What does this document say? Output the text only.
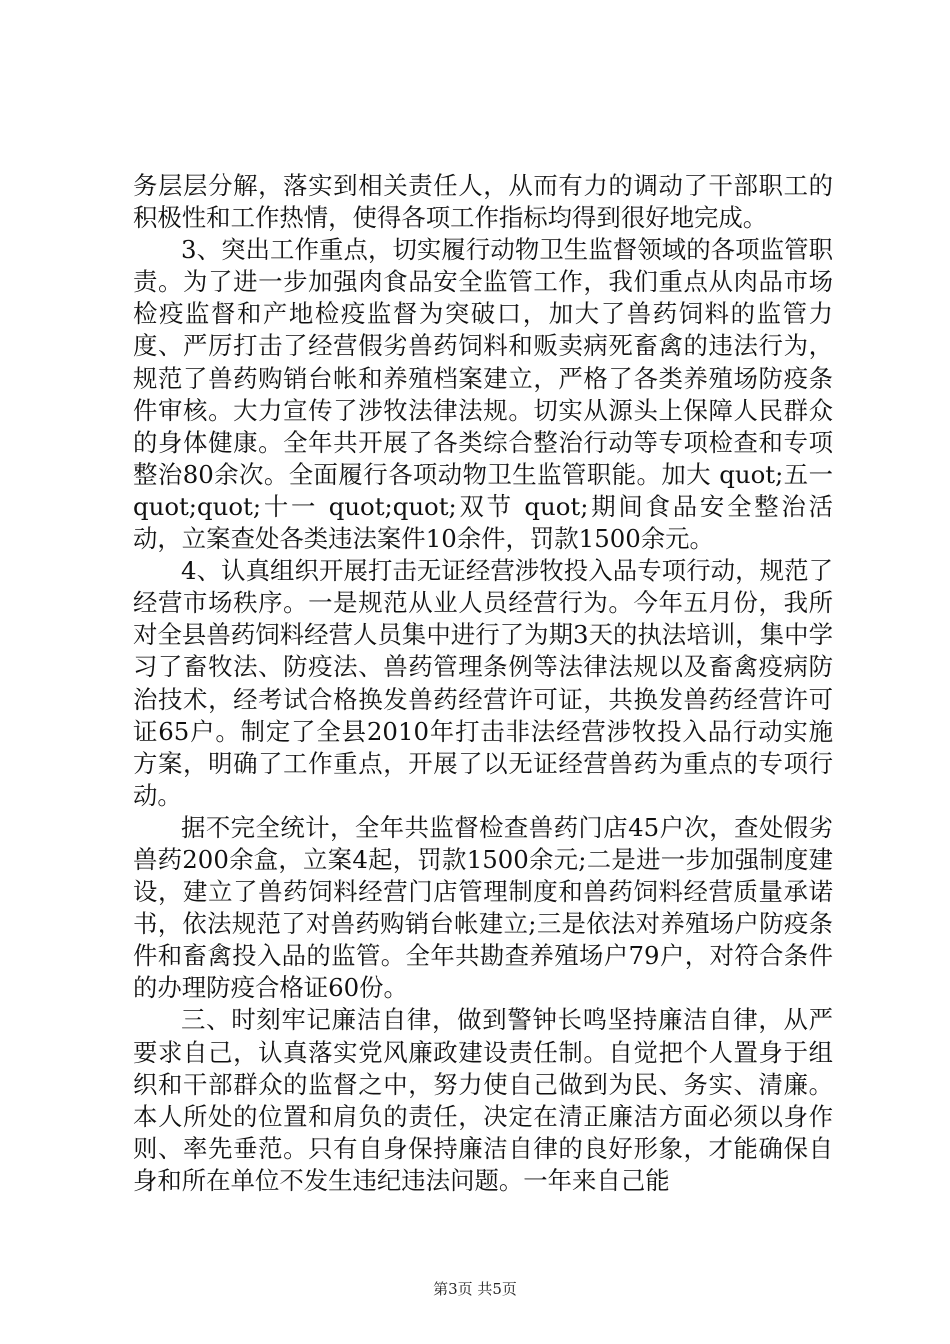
务层层分解，落实到相关责任人，从而有力的调动了干部职工的积极性和工作热情，使得各项工作指标均得到很好地完成。

3、突出工作重点，切实履行动物卫生监督领域的各项监管职责。为了进一步加强肉食品安全监管工作，我们重点从肉品市场检疫监督和产地检疫监督为突破口，加大了兽药饲料的监管力度、严厉打击了经营假劣兽药饲料和贩卖病死畜禽的违法行为，规范了兽药购销台帐和养殖档案建立，严格了各类养殖场防疫条件审核。大力宣传了涉牧法律法规。切实从源头上保障人民群众的身体健康。全年共开展了各类综合整治行动等专项检查和专项整治80余次。全面履行各项动物卫生监管职能。加大 quot;五一 quot;quot;十一 quot;quot;双节 quot;期间食品安全整治活动，立案查处各类违法案件10余件，罚款1500余元。

4、认真组织开展打击无证经营涉牧投入品专项行动，规范了经营市场秩序。一是规范从业人员经营行为。今年五月份，我所对全县兽药饲料经营人员集中进行了为期3天的执法培训，集中学习了畜牧法、防疫法、兽药管理条例等法律法规以及畜禽疫病防治技术，经考试合格换发兽药经营许可证，共换发兽药经营许可证65户。制定了全县2010年打击非法经营涉牧投入品行动实施方案，明确了工作重点，开展了以无证经营兽药为重点的专项行动。

据不完全统计，全年共监督检查兽药门店45户次，查处假劣兽药200余盒，立案4起，罚款1500余元;二是进一步加强制度建设，建立了兽药饲料经营门店管理制度和兽药饲料经营质量承诺书，依法规范了对兽药购销台帐建立;三是依法对养殖场户防疫条件和畜禽投入品的监管。全年共勘查养殖场户79户，对符合条件的办理防疫合格证60份。

三、时刻牢记廉洁自律，做到警钟长鸣坚持廉洁自律，从严要求自己，认真落实党风廉政建设责任制。自觉把个人置身于组织和干部群众的监督之中，努力使自己做到为民、务实、清廉。本人所处的位置和肩负的责任，决定在清正廉洁方面必须以身作则、率先垂范。只有自身保持廉洁自律的良好形象，才能确保自身和所在单位不发生违纪违法问题。一年来自己能

第3页 共5页
